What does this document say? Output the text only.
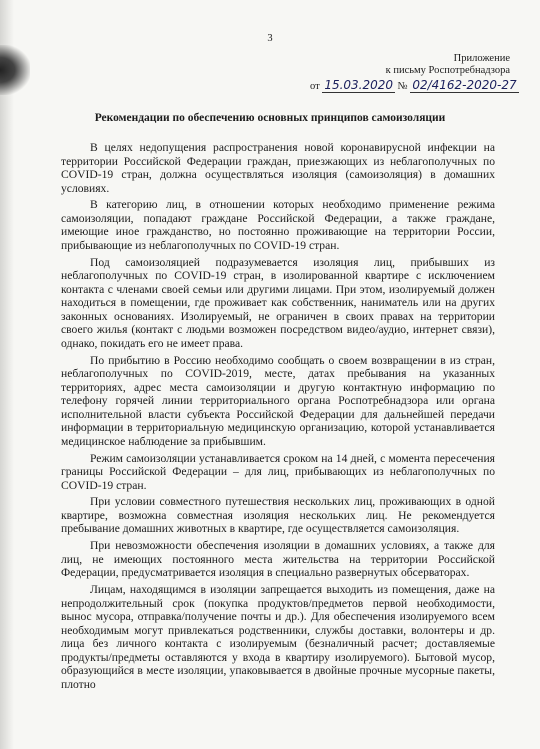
3
Приложение
к письму Роспотребнадзора
от 15.03.2020 № 02/4162-2020-27
Рекомендации по обеспечению основных принципов самоизоляции

В целях недопущения распространения новой коронавирусной инфекции на территории Российской Федерации граждан, приезжающих из неблагополучных по COVID-19 стран, должна осуществляться изоляция (самоизоляция) в домашних условиях.

В категорию лиц, в отношении которых необходимо применение режима самоизоляции, попадают граждане Российской Федерации, а также граждане, имеющие иное гражданство, но постоянно проживающие на территории России, прибывающие из неблагополучных по COVID-19 стран.

Под самоизоляцией подразумевается изоляция лиц, прибывших из неблагополучных по COVID-19 стран, в изолированной квартире с исключением контакта с членами своей семьи или другими лицами. При этом, изолируемый должен находиться в помещении, где проживает как собственник, наниматель или на других законных основаниях. Изолируемый, не ограничен в своих правах на территории своего жилья (контакт с людьми возможен посредством видео/аудио, интернет связи), однако, покидать его не имеет права.

По прибытию в Россию необходимо сообщать о своем возвращении в из стран, неблагополучных по COVID-2019, месте, датах пребывания на указанных территориях, адрес места самоизоляции и другую контактную информацию по телефону горячей линии территориального органа Роспотребнадзора или органа исполнительной власти субъекта Российской Федерации для дальнейшей передачи информации в территориальную медицинскую организацию, которой устанавливается медицинское наблюдение за прибывшим.

Режим самоизоляции устанавливается сроком на 14 дней, с момента пересечения границы Российской Федерации – для лиц, прибывающих из неблагополучных по COVID-19 стран.

При условии совместного путешествия нескольких лиц, проживающих в одной квартире, возможна совместная изоляция нескольких лиц. Не рекомендуется пребывание домашних животных в квартире, где осуществляется самоизоляция.

При невозможности обеспечения изоляции в домашних условиях, а также для лиц, не имеющих постоянного места жительства на территории Российской Федерации, предусматривается изоляция в специально развернутых обсерваторах.

Лицам, находящимся в изоляции запрещается выходить из помещения, даже на непродолжительный срок (покупка продуктов/предметов первой необходимости, вынос мусора, отправка/получение почты и др.). Для обеспечения изолируемого всем необходимым могут привлекаться родственники, службы доставки, волонтеры и др. лица без личного контакта с изолируемым (безналичный расчет; доставляемые продукты/предметы оставляются у входа в квартиру изолируемого). Бытовой мусор, образующийся в месте изоляции, упаковывается в двойные прочные мусорные пакеты, плотно
